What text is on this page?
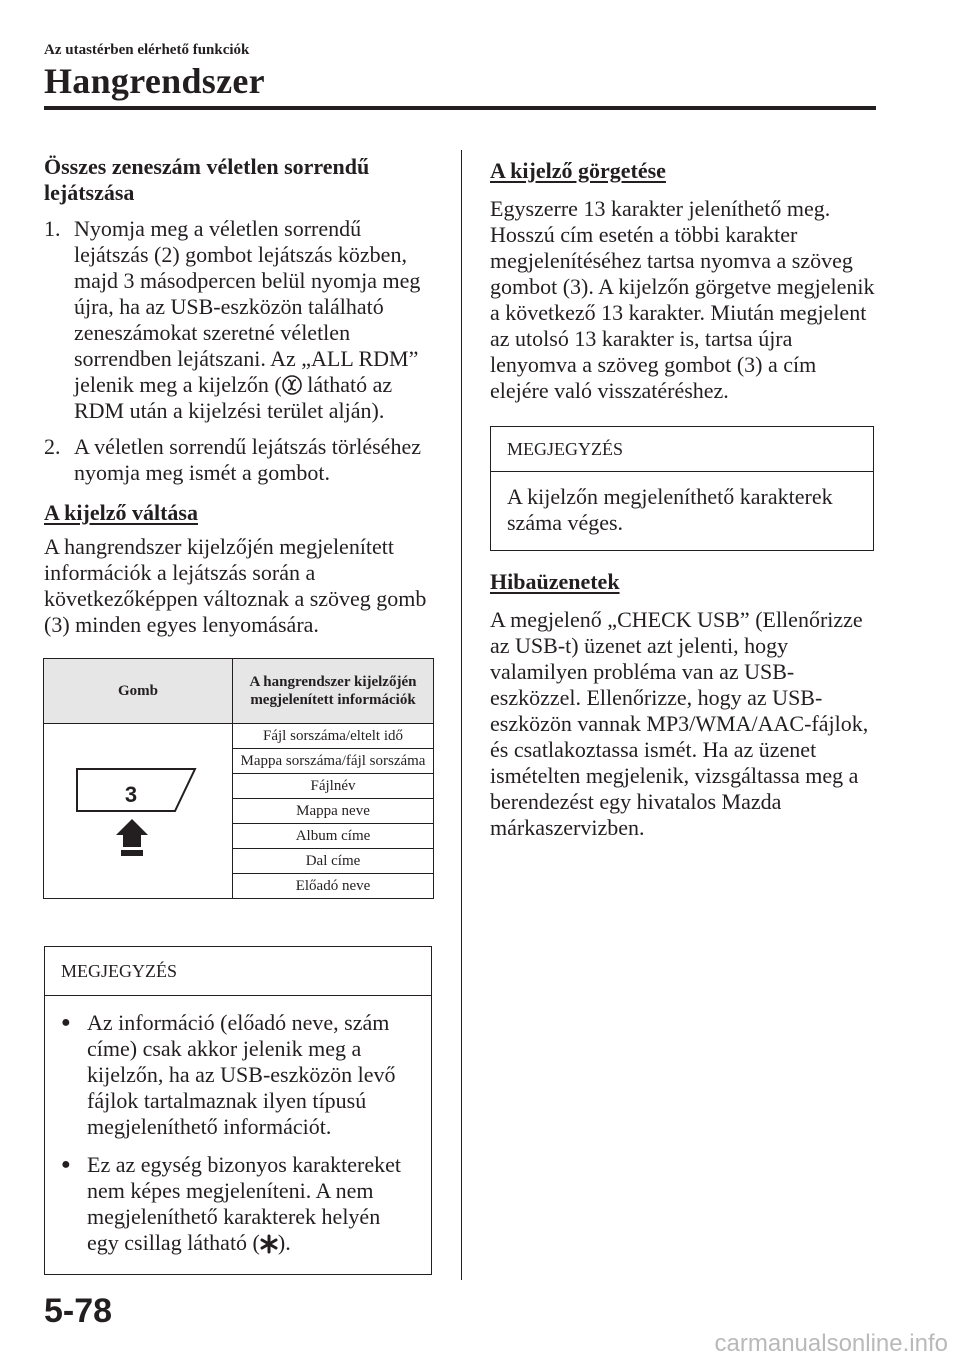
Az utastérben elérhető funkciók
Hangrendszer
Összes zeneszám véletlen sorrendű lejátszása
1. Nyomja meg a véletlen sorrendű lejátszás (2) gombot lejátszás közben, majd 3 másodpercen belül nyomja meg újra, ha az USB-eszközön található zeneszámokat szeretné véletlen sorrendben lejátszani. Az „ALL RDM” jelenik meg a kijelzőn ( látható az RDM után a kijelzési terület alján).
2. A véletlen sorrendű lejátszás törléséhez nyomja meg ismét a gombot.
A kijelző váltása

A hangrendszer kijelzőjén megjelenített információk a lejátszás során a következőképpen változnak a szöveg gomb (3) minden egyes lenyomására.

Gomb	A hangrendszer kijelzőjén megjelenített információk

3	Fájl sorszáma/eltelt idő
	Mappa sorszáma/fájl sorszáma
	Fájlnév
	Mappa neve
	Album címe
	Dal címe
	Előadó neve
MEGJEGYZÉS
● Az információ (előadó neve, szám címe) csak akkor jelenik meg a kijelzőn, ha az USB-eszközön levő fájlok tartalmaznak ilyen típusú megjeleníthető információt.
● Ez az egység bizonyos karaktereket nem képes megjeleníteni. A nem megjeleníthető karakterek helyén egy csillag látható ( ).
A kijelző görgetése

Egyszerre 13 karakter jeleníthető meg. Hosszú cím esetén a többi karakter megjelenítéséhez tartsa nyomva a szöveg gombot (3). A kijelzőn görgetve megjelenik a következő 13 karakter. Miután megjelent az utolsó 13 karakter is, tartsa újra lenyomva a szöveg gombot (3) a cím elejére való visszatéréshez.

MEGJEGYZÉS
A kijelzőn megjeleníthető karakterek száma véges.
Hibaüzenetek

A megjelenő „CHECK USB” (Ellenőrizze az USB-t) üzenet azt jelenti, hogy valamilyen probléma van az USB-eszközzel. Ellenőrizze, hogy az USB-eszközön vannak MP3/WMA/AAC-fájlok, és csatlakoztassa ismét. Ha az üzenet ismételten megjelenik, vizsgáltassa meg a berendezést egy hivatalos Mazda márkaszervizben.

5-78
carmanualsonline.info
